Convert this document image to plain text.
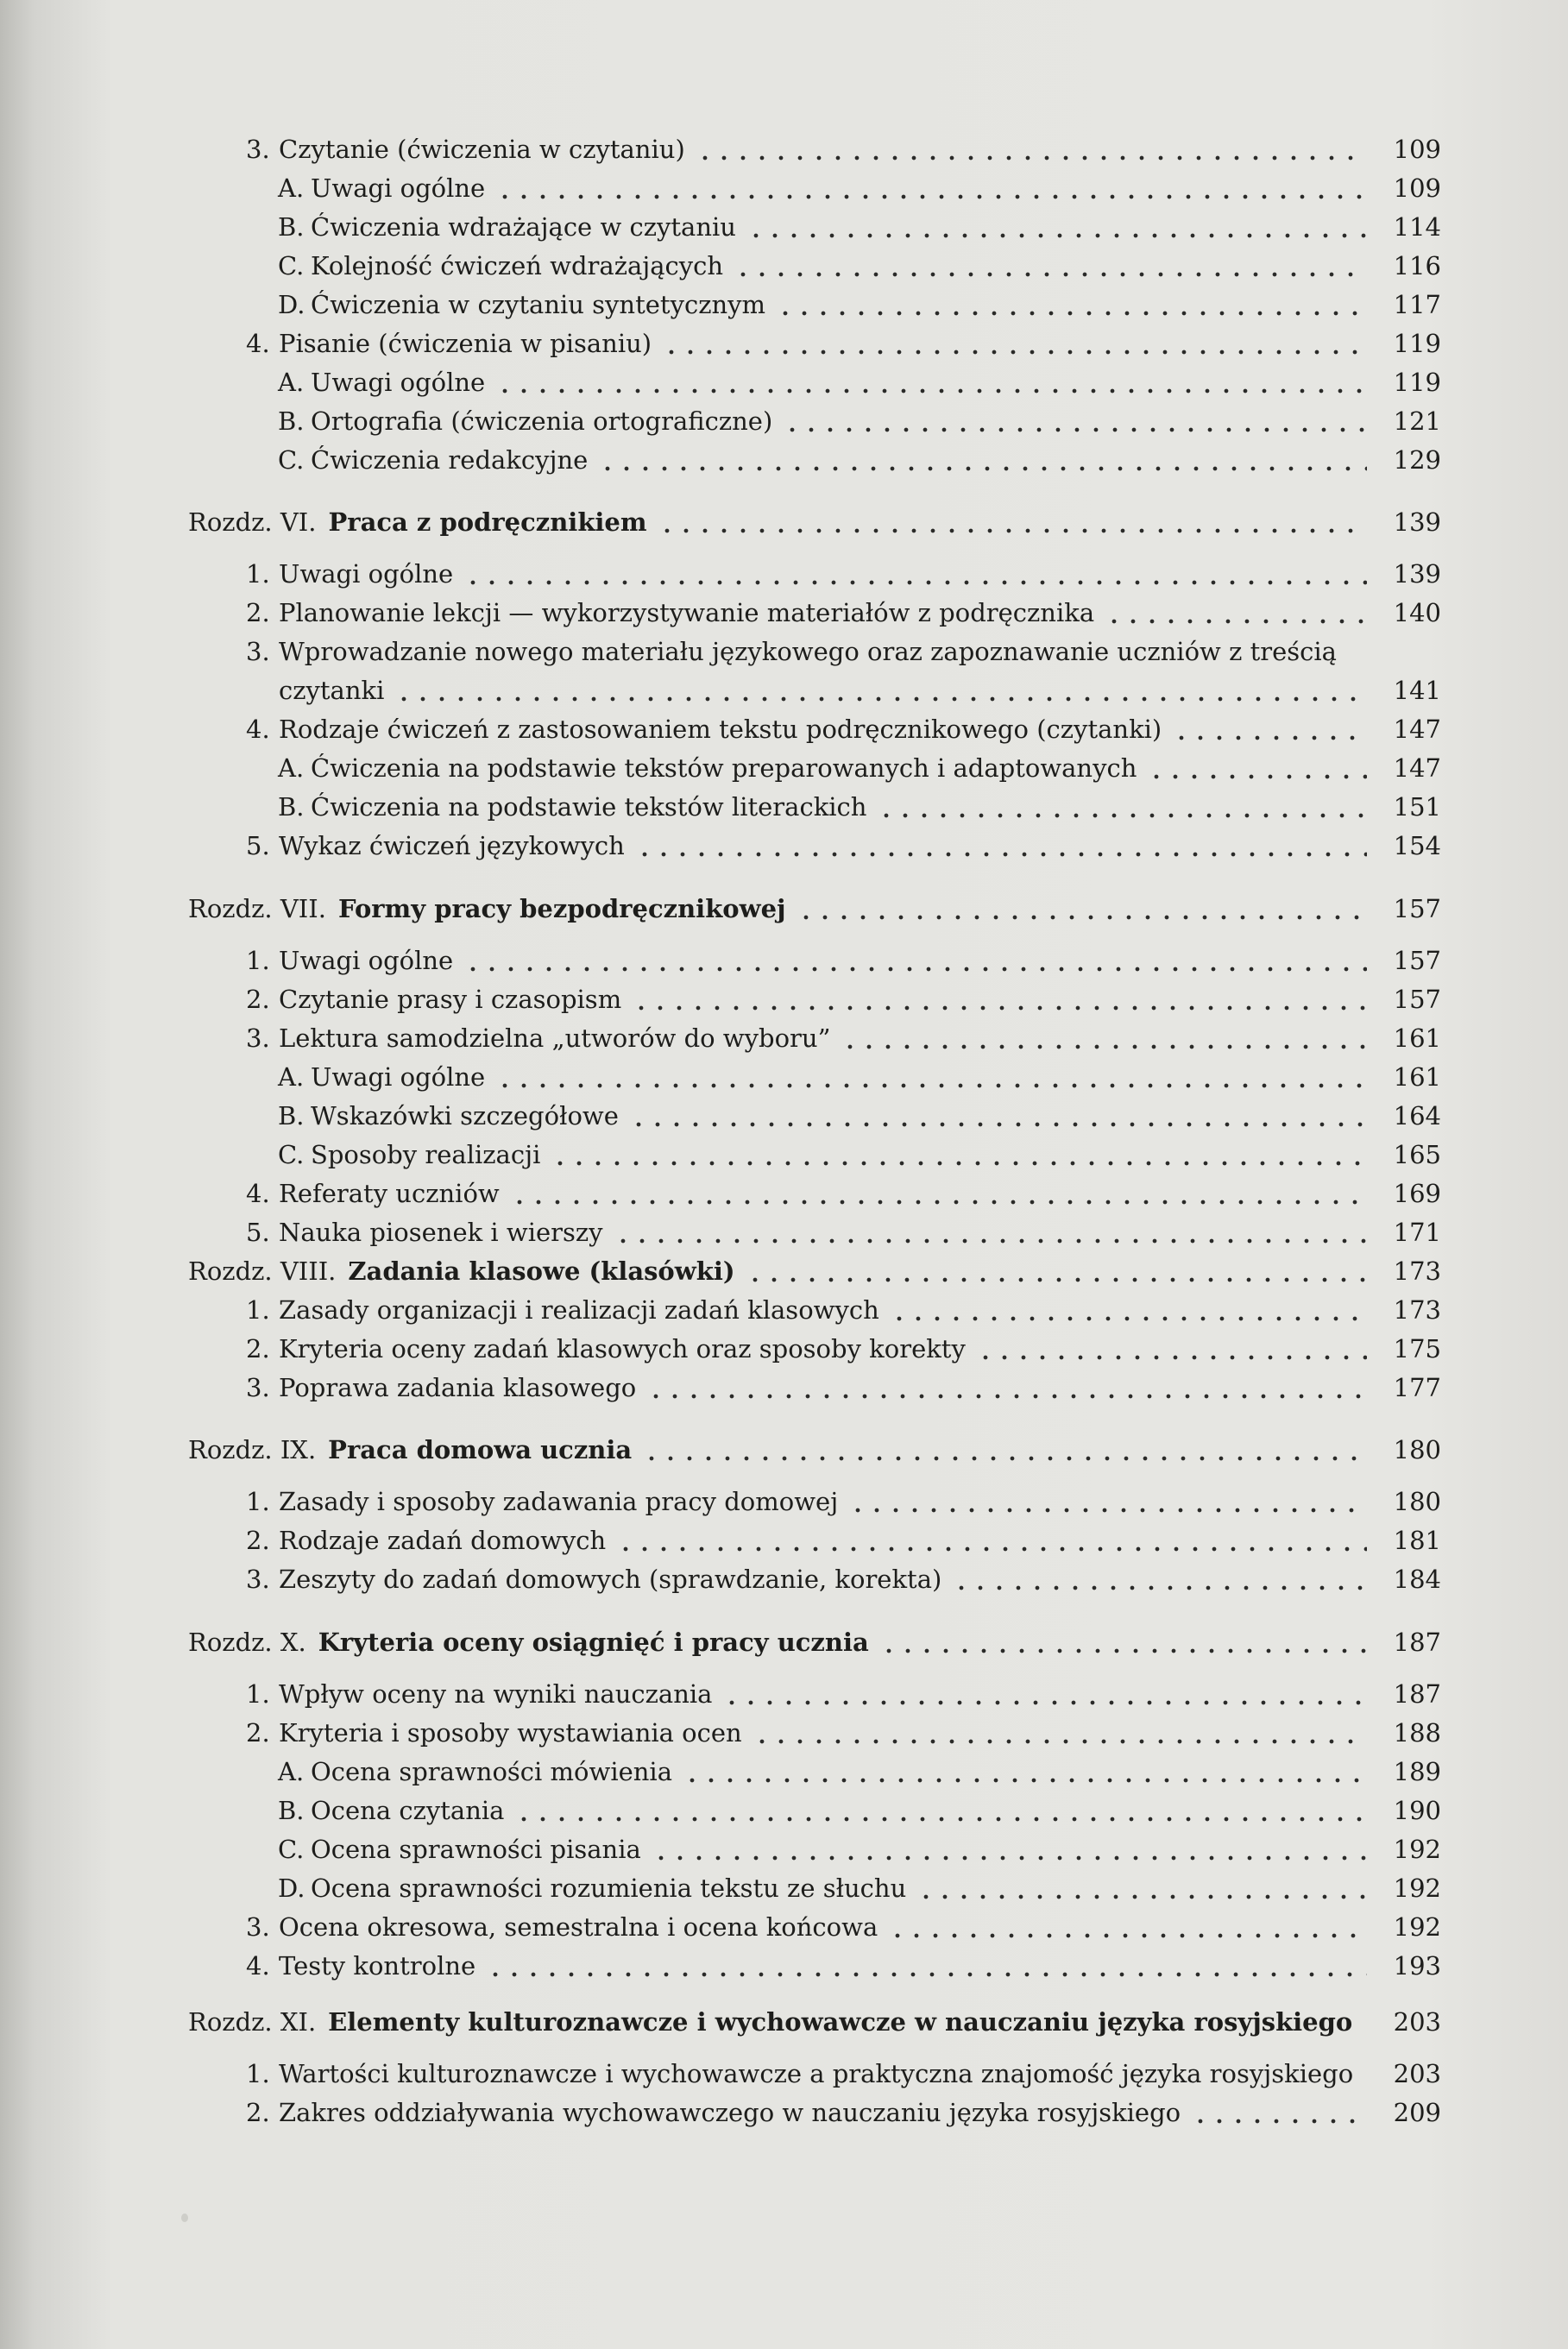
3. Czytanie (ćwiczenia w czytaniu)	109
A. Uwagi ogólne	109
B. Ćwiczenia wdrażające w czytaniu	114
C. Kolejność ćwiczeń wdrażających	116
D. Ćwiczenia w czytaniu syntetycznym	117
4. Pisanie (ćwiczenia w pisaniu)	119
A. Uwagi ogólne	119
B. Ortografia (ćwiczenia ortograficzne)	121
C. Ćwiczenia redakcyjne	129
Rozdz. VI. Praca z podręcznikiem	139
1. Uwagi ogólne	139
2. Planowanie lekcji — wykorzystywanie materiałów z podręcznika	140
3. Wprowadzanie nowego materiału językowego oraz zapoznawanie uczniów z treścią
czytanki	141
4. Rodzaje ćwiczeń z zastosowaniem tekstu podręcznikowego (czytanki)	147
A. Ćwiczenia na podstawie tekstów preparowanych i adaptowanych	147
B. Ćwiczenia na podstawie tekstów literackich	151
5. Wykaz ćwiczeń językowych	154
Rozdz. VII. Formy pracy bezpodręcznikowej	157
1. Uwagi ogólne	157
2. Czytanie prasy i czasopism	157
3. Lektura samodzielna „utworów do wyboru”	161
A. Uwagi ogólne	161
B. Wskazówki szczegółowe	164
C. Sposoby realizacji	165
4. Referaty uczniów	169
5. Nauka piosenek i wierszy	171
Rozdz. VIII. Zadania klasowe (klasówki)	173
1. Zasady organizacji i realizacji zadań klasowych	173
2. Kryteria oceny zadań klasowych oraz sposoby korekty	175
3. Poprawa zadania klasowego	177
Rozdz. IX. Praca domowa ucznia	180
1. Zasady i sposoby zadawania pracy domowej	180
2. Rodzaje zadań domowych	181
3. Zeszyty do zadań domowych (sprawdzanie, korekta)	184
Rozdz. X. Kryteria oceny osiągnięć i pracy ucznia	187
1. Wpływ oceny na wyniki nauczania	187
2. Kryteria i sposoby wystawiania ocen	188
A. Ocena sprawności mówienia	189
B. Ocena czytania	190
C. Ocena sprawności pisania	192
D. Ocena sprawności rozumienia tekstu ze słuchu	192
3. Ocena okresowa, semestralna i ocena końcowa	192
4. Testy kontrolne	193
Rozdz. XI. Elementy kulturoznawcze i wychowawcze w nauczaniu języka rosyjskiego	203
1. Wartości kulturoznawcze i wychowawcze a praktyczna znajomość języka rosyjskiego	203
2. Zakres oddziaływania wychowawczego w nauczaniu języka rosyjskiego	209
